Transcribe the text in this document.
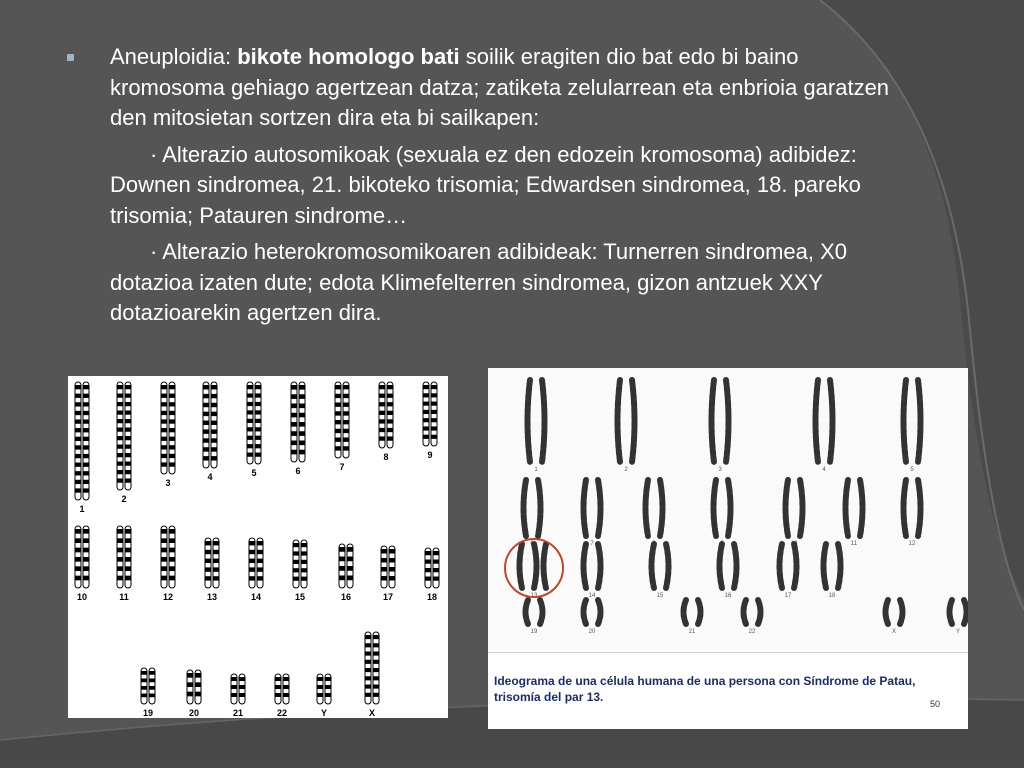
Aneuploidia: bikote homologo bati soilik eragiten dio bat edo bi baino kromosoma gehiago agertzean datza; zatiketa zelularrean eta enbrioia garatzen den mitosietan sortzen dira eta bi sailkapen:

· Alterazio autosomikoak (sexuala ez den edozein kromosoma) adibidez: Downen sindromea, 21. bikoteko trisomia; Edwardsen sindromea, 18. pareko trisomia; Patauren sindrome…

· Alterazio heterokromosomikoaren adibideak: Turnerren sindromea, X0 dotazioa izaten dute; edota Klimefelterren sindromea, gizon antzuek XXY dotazioarekin agertzen dira.

1
2
3
4	5	6	7
8	9
10	11	12	13	14	15	16	17	18
19	20	21	22	Y	X
1	2	3	4	5
6	7	8	9	10	11	12
13	14	15	16	17	18
19	20	21	22	X	Y
Ideograma de una célula humana de una persona con Síndrome de Patau, trisomía del par 13.	50
